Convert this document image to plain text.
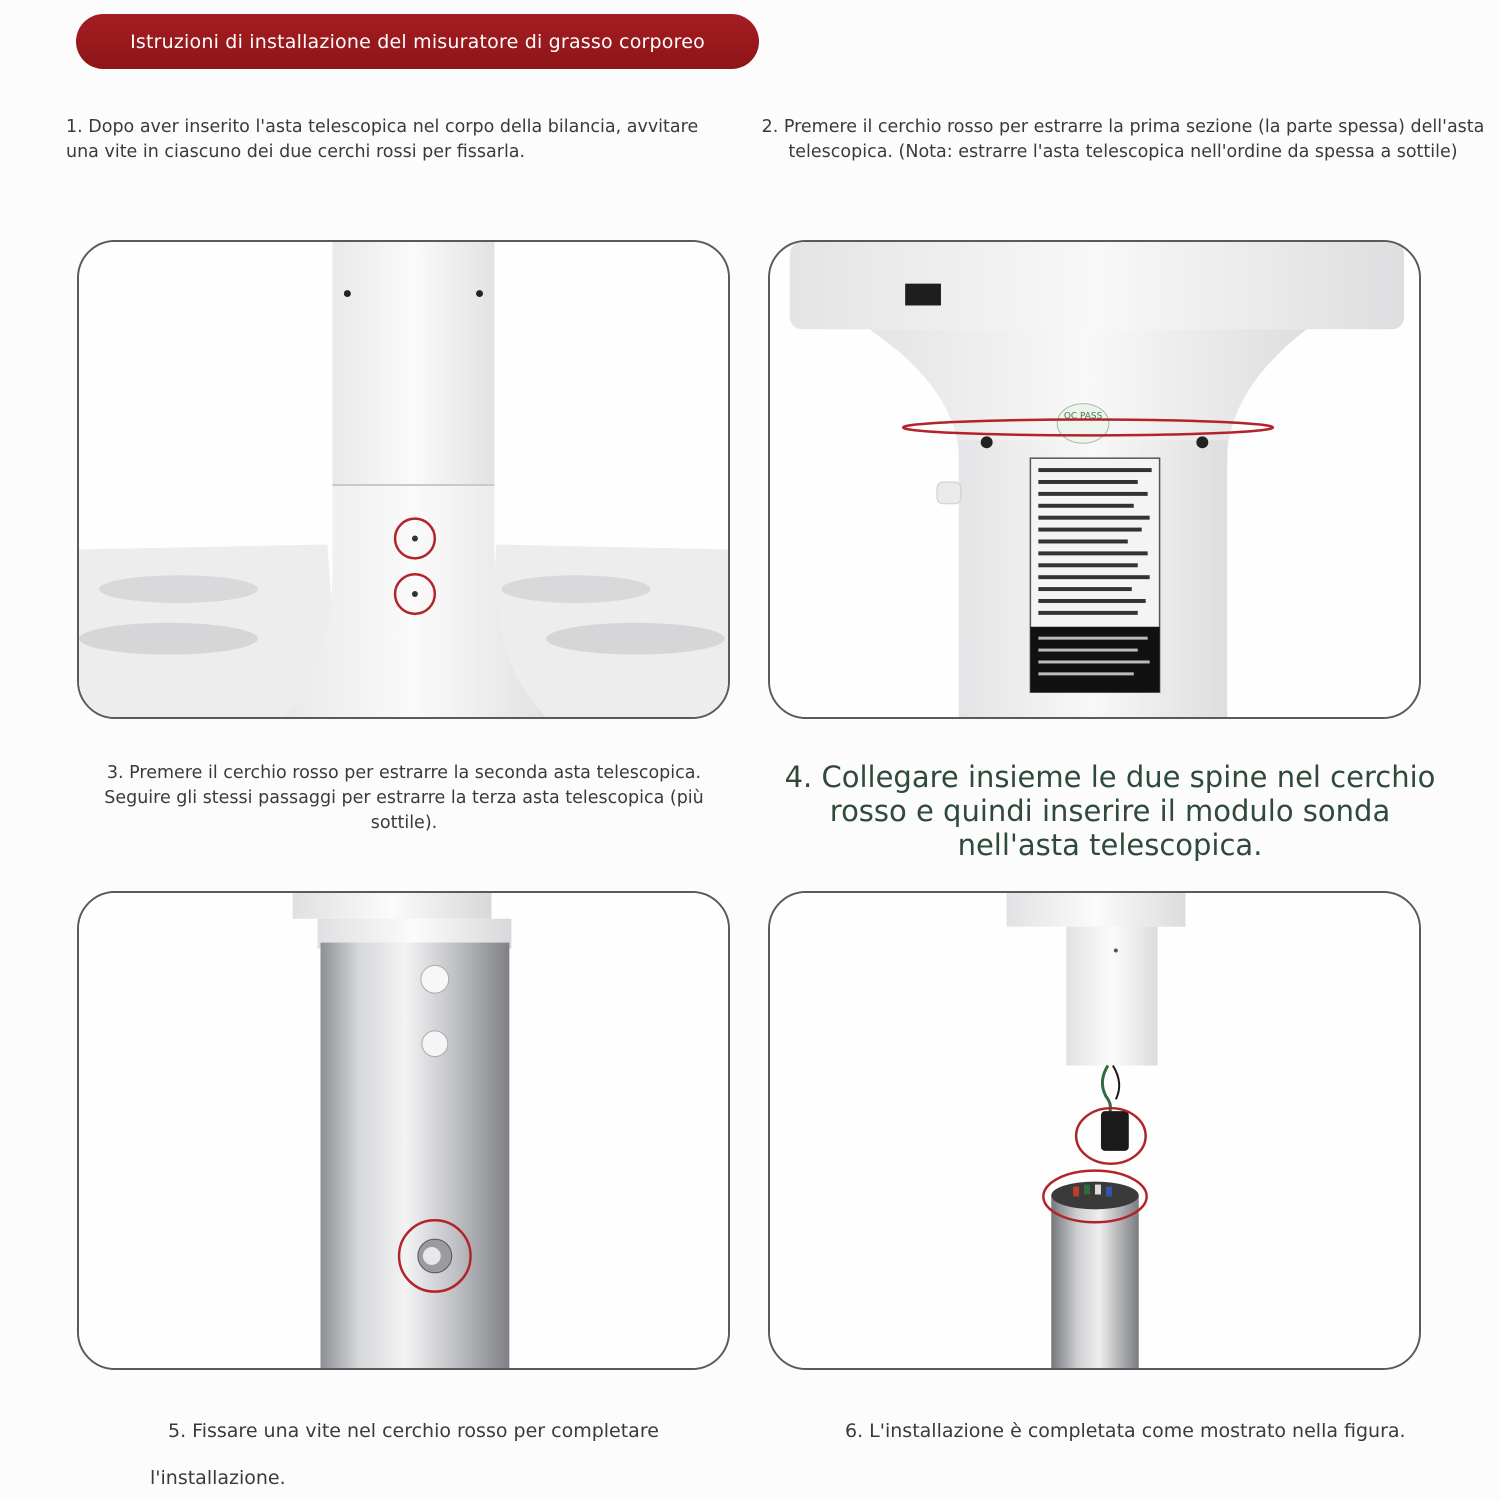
Istruzioni di installazione del misuratore di grasso corporeo
1. Dopo aver inserito l'asta telescopica nel corpo della bilancia, avvitare una vite in ciascuno dei due cerchi rossi per fissarla.
2. Premere il cerchio rosso per estrarre la prima sezione (la parte spessa) dell'asta telescopica. (Nota: estrarre l'asta telescopica nell'ordine da spessa a sottile)
QC PASS
3. Premere il cerchio rosso per estrarre la seconda asta telescopica. Seguire gli stessi passaggi per estrarre la terza asta telescopica (più sottile).
4. Collegare insieme le due spine nel cerchio rosso e quindi inserire il modulo sonda nell'asta telescopica.
5. Fissare una vite nel cerchio rosso per completare
l'installazione.
6. L'installazione è completata come mostrato nella figura.
